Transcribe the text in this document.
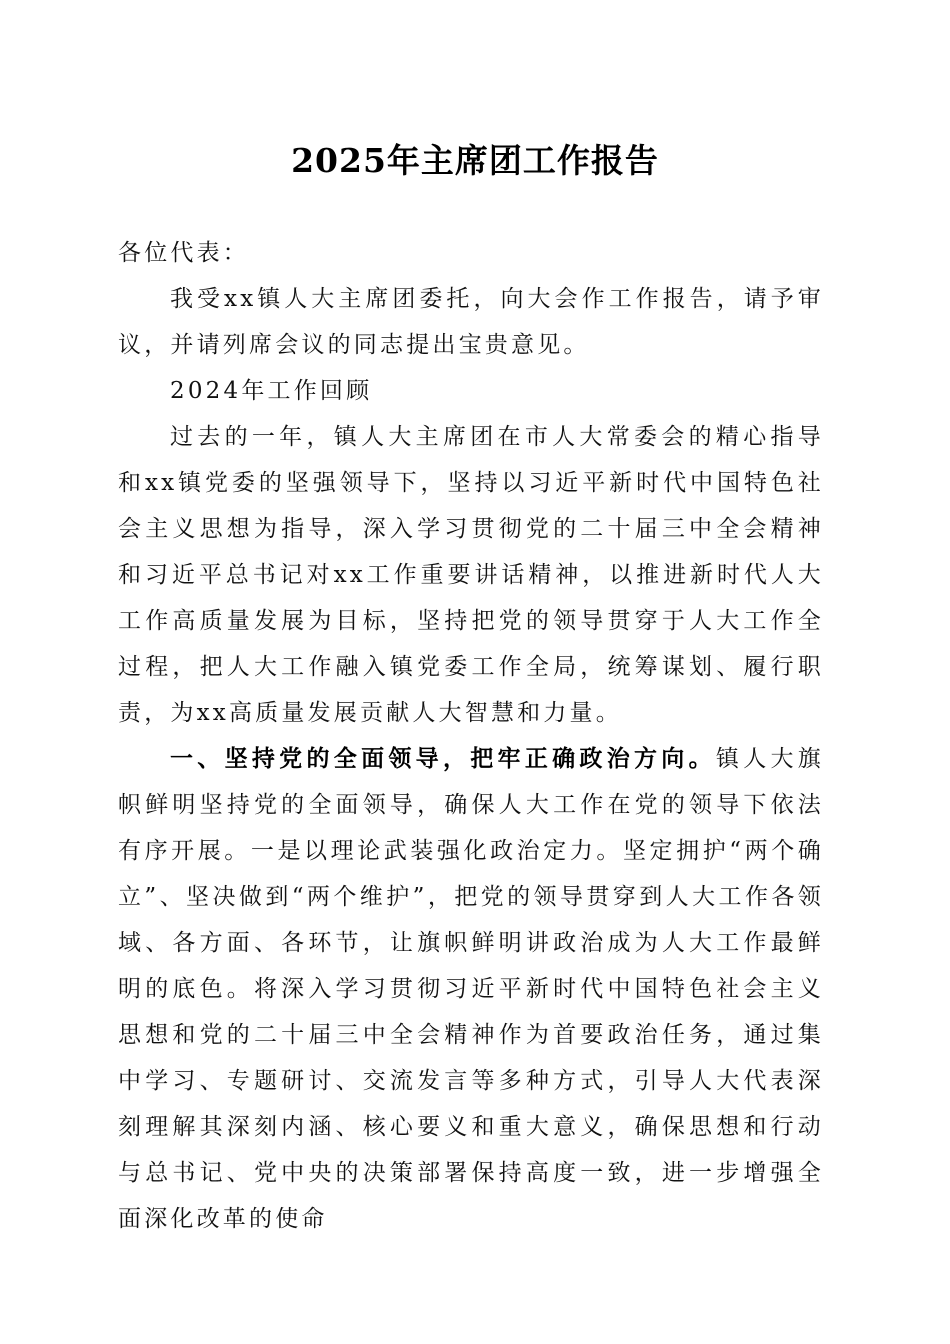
2025年主席团工作报告

各位代表：

我受xx镇人大主席团委托，向大会作工作报告，请予审议，并请列席会议的同志提出宝贵意见。

2024年工作回顾

过去的一年，镇人大主席团在市人大常委会的精心指导和xx镇党委的坚强领导下，坚持以习近平新时代中国特色社会主义思想为指导，深入学习贯彻党的二十届三中全会精神和习近平总书记对xx工作重要讲话精神，以推进新时代人大工作高质量发展为目标，坚持把党的领导贯穿于人大工作全过程，把人大工作融入镇党委工作全局，统筹谋划、履行职责，为xx高质量发展贡献人大智慧和力量。

一、坚持党的全面领导，把牢正确政治方向。镇人大旗帜鲜明坚持党的全面领导，确保人大工作在党的领导下依法有序开展。一是以理论武装强化政治定力。坚定拥护“两个确立”、坚决做到“两个维护”，把党的领导贯穿到人大工作各领域、各方面、各环节，让旗帜鲜明讲政治成为人大工作最鲜明的底色。将深入学习贯彻习近平新时代中国特色社会主义思想和党的二十届三中全会精神作为首要政治任务，通过集中学习、专题研讨、交流发言等多种方式，引导人大代表深刻理解其深刻内涵、核心要义和重大意义，确保思想和行动与总书记、党中央的决策部署保持高度一致，进一步增强全面深化改革的使命
